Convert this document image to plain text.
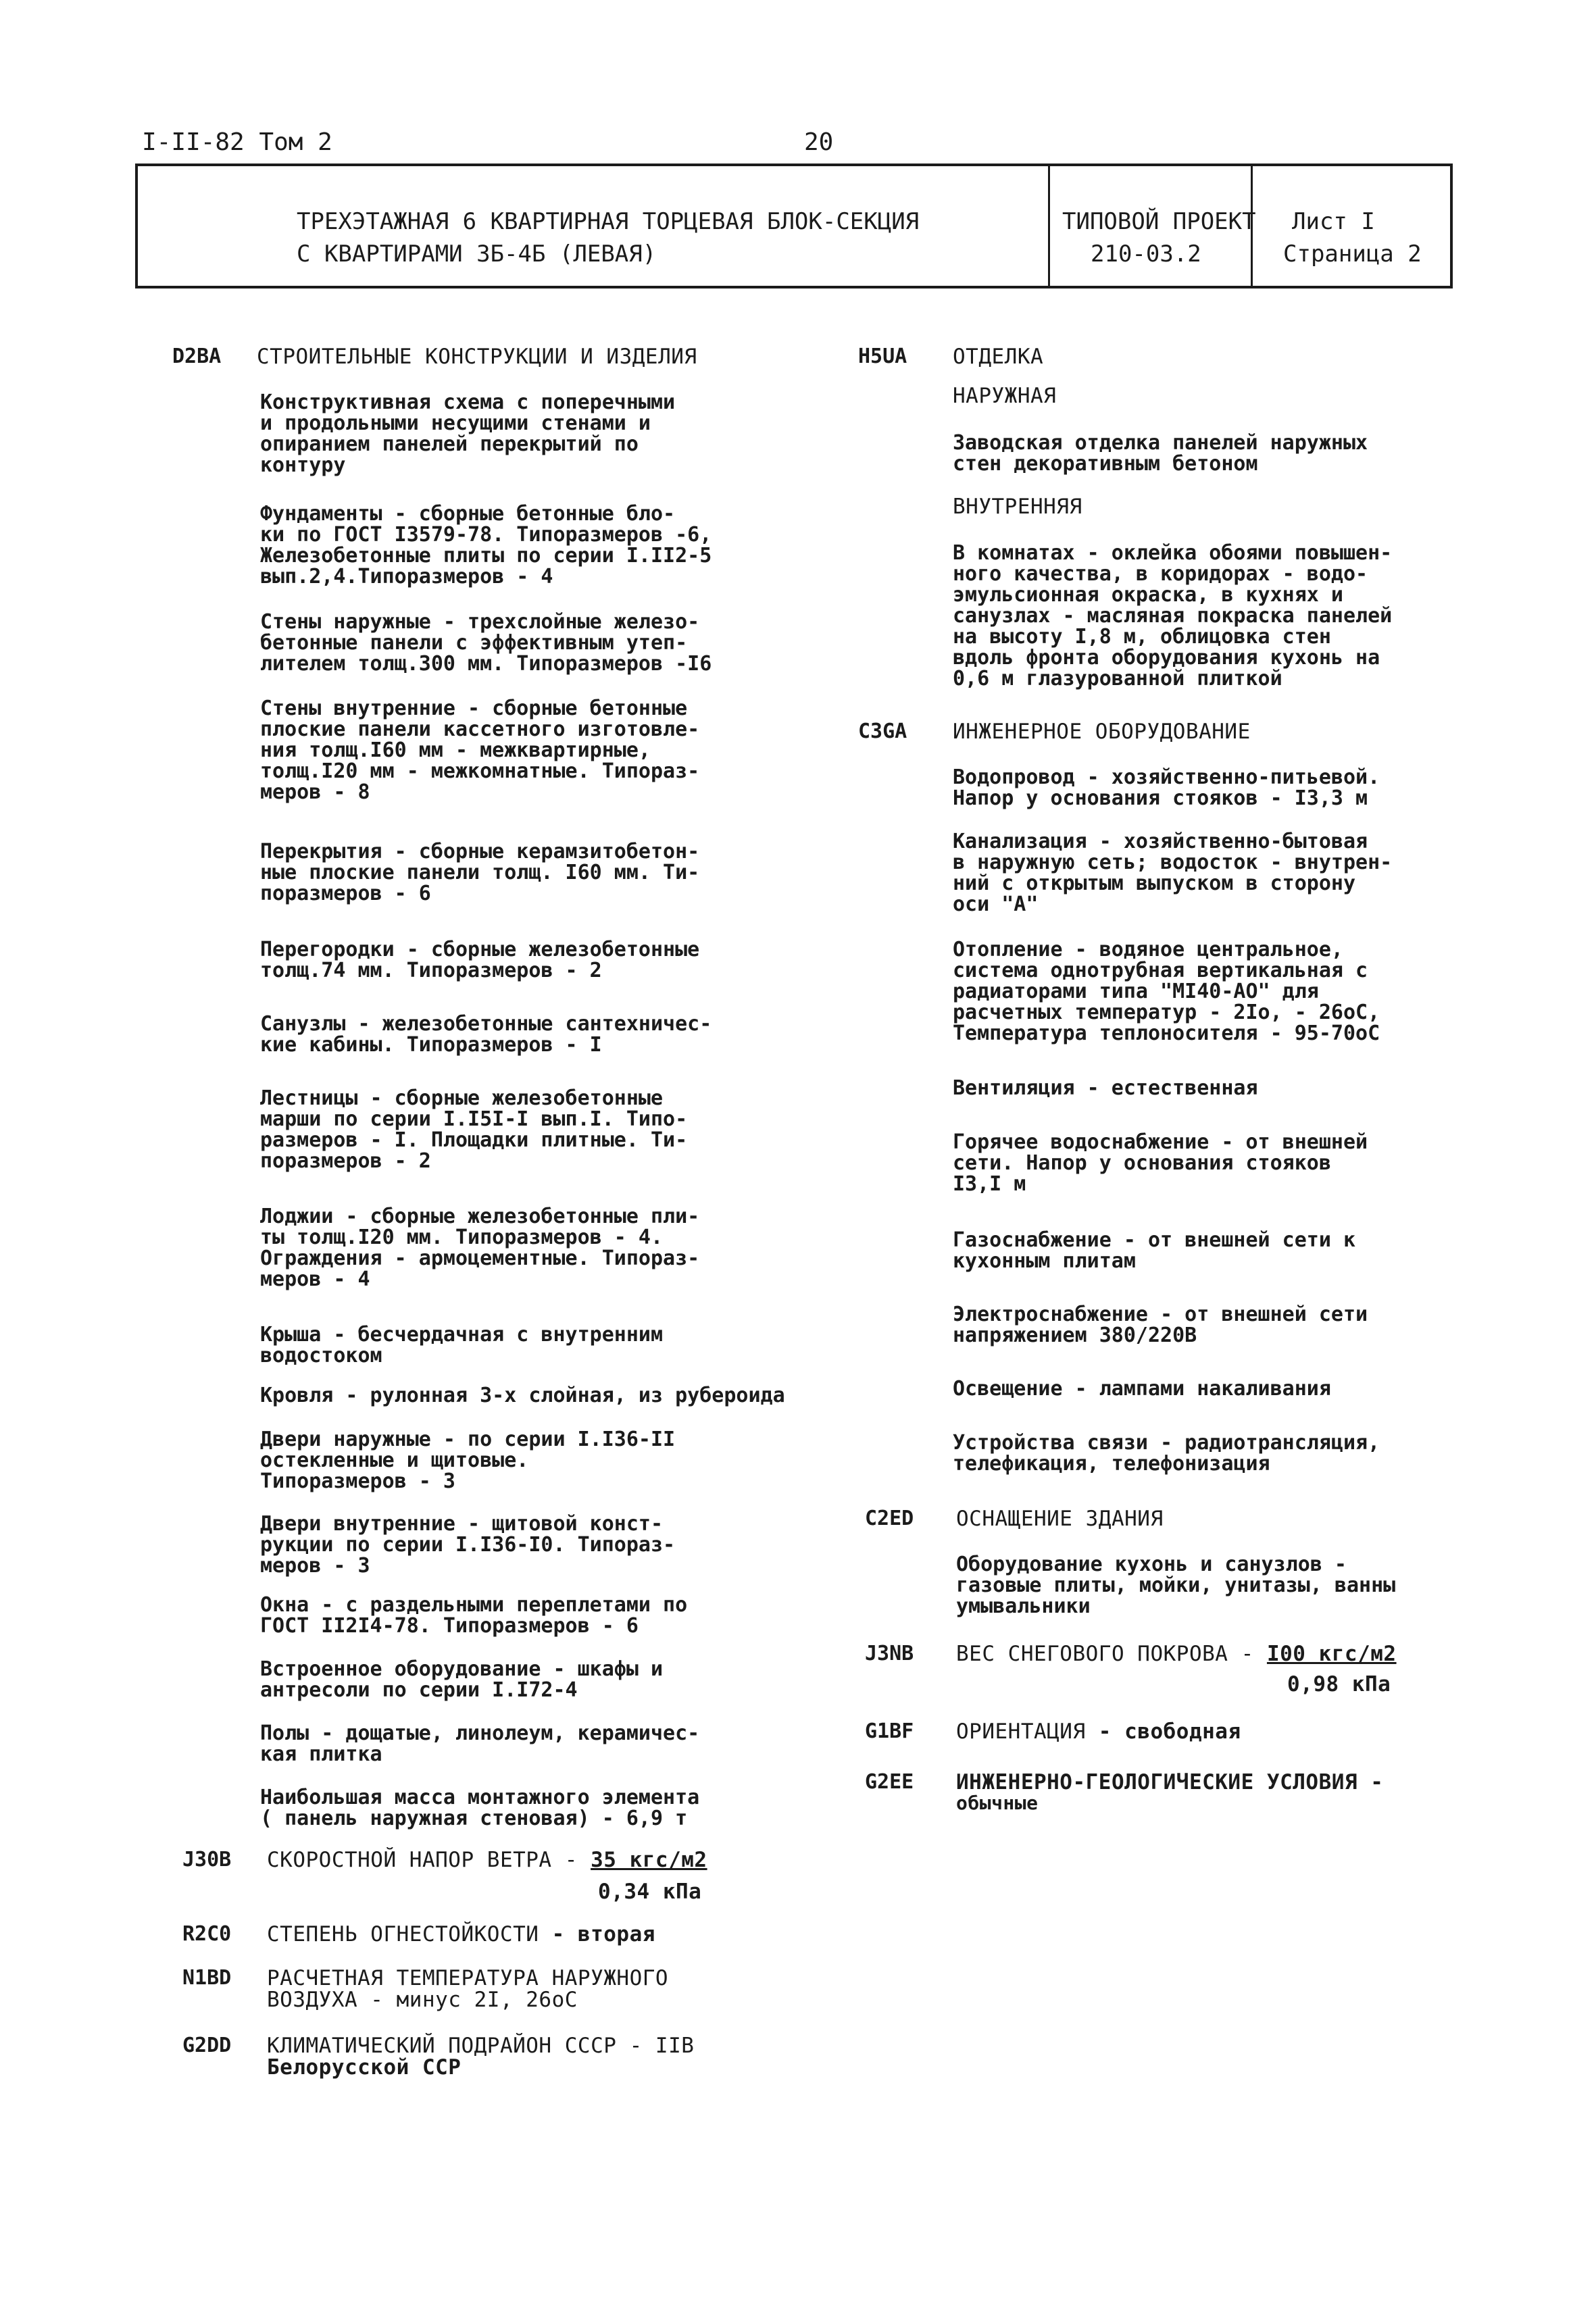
I-II-82 Том 2	20
ТРЕХЭТАЖНАЯ 6 КВАРТИРНАЯ ТОРЦЕВАЯ БЛОК-СЕКЦИЯ
С КВАРТИРАМИ 3Б-4Б (ЛЕВАЯ)
ТИПОВОЙ ПРОЕКТ
210-03.2
Лист I
Страница 2
D2BA СТРОИТЕЛЬНЫЕ КОНСТРУКЦИИ И ИЗДЕЛИЯ
Конструктивная схема с поперечными
и продольными несущими стенами и
опиранием панелей перекрытий по
контуру
Фундаменты - сборные бетонные бло-
ки по ГОСТ I3579-78. Типоразмеров -6,
Железобетонные плиты по серии I.II2-5
вып.2,4.Типоразмеров - 4
Стены наружные - трехслойные железо-
бетонные панели с эффективным утеп-
лителем толщ.300 мм. Типоразмеров -I6
Стены внутренние - сборные бетонные
плоские панели кассетного изготовле-
ния толщ.I60 мм - межквартирные,
толщ.I20 мм - межкомнатные. Типораз-
меров - 8
Перекрытия - сборные керамзитобетон-
ные плоские панели толщ. I60 мм. Ти-
поразмеров - 6
Перегородки - сборные железобетонные
толщ.74 мм. Типоразмеров - 2
Санузлы - железобетонные сантехничес-
кие кабины. Типоразмеров - I
Лестницы - сборные железобетонные
марши по серии I.I5I-I вып.I. Типо-
размеров - I. Площадки плитные. Ти-
поразмеров - 2
Лоджии - сборные железобетонные пли-
ты толщ.I20 мм. Типоразмеров - 4.
Ограждения - армоцементные. Типораз-
меров - 4
Крыша - бесчердачная с внутренним
водостоком
Кровля - рулонная 3-х слойная, из рубероида
Двери наружные - по серии I.I36-II
остекленные и щитовые.
Типоразмеров - 3
Двери внутренние - щитовой конст-
рукции по серии I.I36-I0. Типораз-
меров - 3
Окна - с раздельными переплетами по
ГОСТ II2I4-78. Типоразмеров - 6
Встроенное оборудование - шкафы и
антресоли по серии I.I72-4
Полы - дощатые, линолеум, керамичес-
кая плитка
Наибольшая масса монтажного элемента
( панель наружная стеновая) - 6,9 т
J30B СКОРОСТНОЙ НАПОР ВЕТРА - 35 кгс/м2
0,34 кПа
R2C0 СТЕПЕНЬ ОГНЕСТОЙКОСТИ - вторая
N1BD РАСЧЕТНАЯ ТЕМПЕРАТУРА НАРУЖНОГО
ВОЗДУХА - минус 2I, 26оС
G2DD КЛИМАТИЧЕСКИЙ ПОДРАЙОН СССР - IIВ
Белорусской ССР
H5UA ОТДЕЛКА
НАРУЖНАЯ
Заводская отделка панелей наружных
стен декоративным бетоном
ВНУТРЕННЯЯ
В комнатах - оклейка обоями повышен-
ного качества, в коридорах - водо-
эмульсионная окраска, в кухнях и
санузлах - масляная покраска панелей
на высоту I,8 м, облицовка стен
вдоль фронта оборудования кухонь на
0,6 м глазурованной плиткой
C3GA ИНЖЕНЕРНОЕ ОБОРУДОВАНИЕ
Водопровод - хозяйственно-питьевой.
Напор у основания стояков - I3,3 м
Канализация - хозяйственно-бытовая
в наружную сеть; водосток - внутрен-
ний с открытым выпуском в сторону
оси "А"
Отопление - водяное центральное,
система однотрубная вертикальная с
радиаторами типа "MI40-AO" для
расчетных температур - 2Iо, - 26оС,
Температура теплоносителя - 95-70оС
Вентиляция - естественная
Горячее водоснабжение - от внешней
сети. Напор у основания стояков
I3,I м
Газоснабжение - от внешней сети к
кухонным плитам
Электроснабжение - от внешней сети
напряжением 380/220В
Освещение - лампами накаливания
Устройства связи - радиотрансляция,
телефикация, телефонизация
C2ED ОСНАЩЕНИЕ ЗДАНИЯ
Оборудование кухонь и санузлов -
газовые плиты, мойки, унитазы, ванны
умывальники
J3NB ВЕС СНЕГОВОГО ПОКРОВА - I00 кгс/м2
0,98 кПа
G1BF ОРИЕНТАЦИЯ - свободная
G2EE ИНЖЕНЕРНО-ГЕОЛОГИЧЕСКИЕ УСЛОВИЯ -
обычные
